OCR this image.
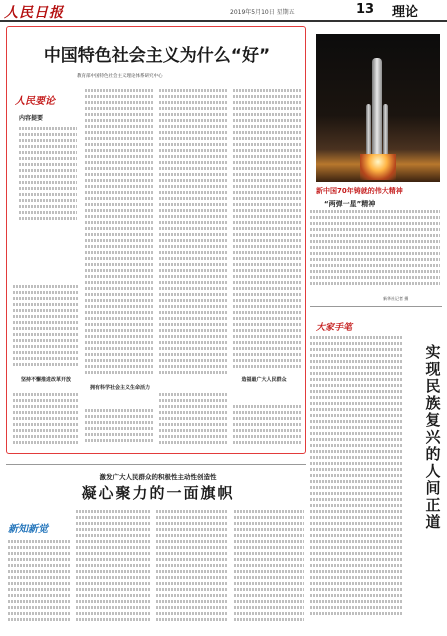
人民日报	2019年5月10日 星期五	13 理论
中国特色社会主义为什么“好”
教育部中国特色社会主义理论体系研究中心
人民要论
内容提要
坚持不懈推进改革开放
拥有科学社会主义生命活力
造福最广大人民群众
新中国70年铸就的伟大精神
“两弹一星”精神
新华社记者 摄
大家手笔
实现民族复兴的人间正道
激发广大人民群众的积极性主动性创造性
凝心聚力的一面旗帜
新知新觉
